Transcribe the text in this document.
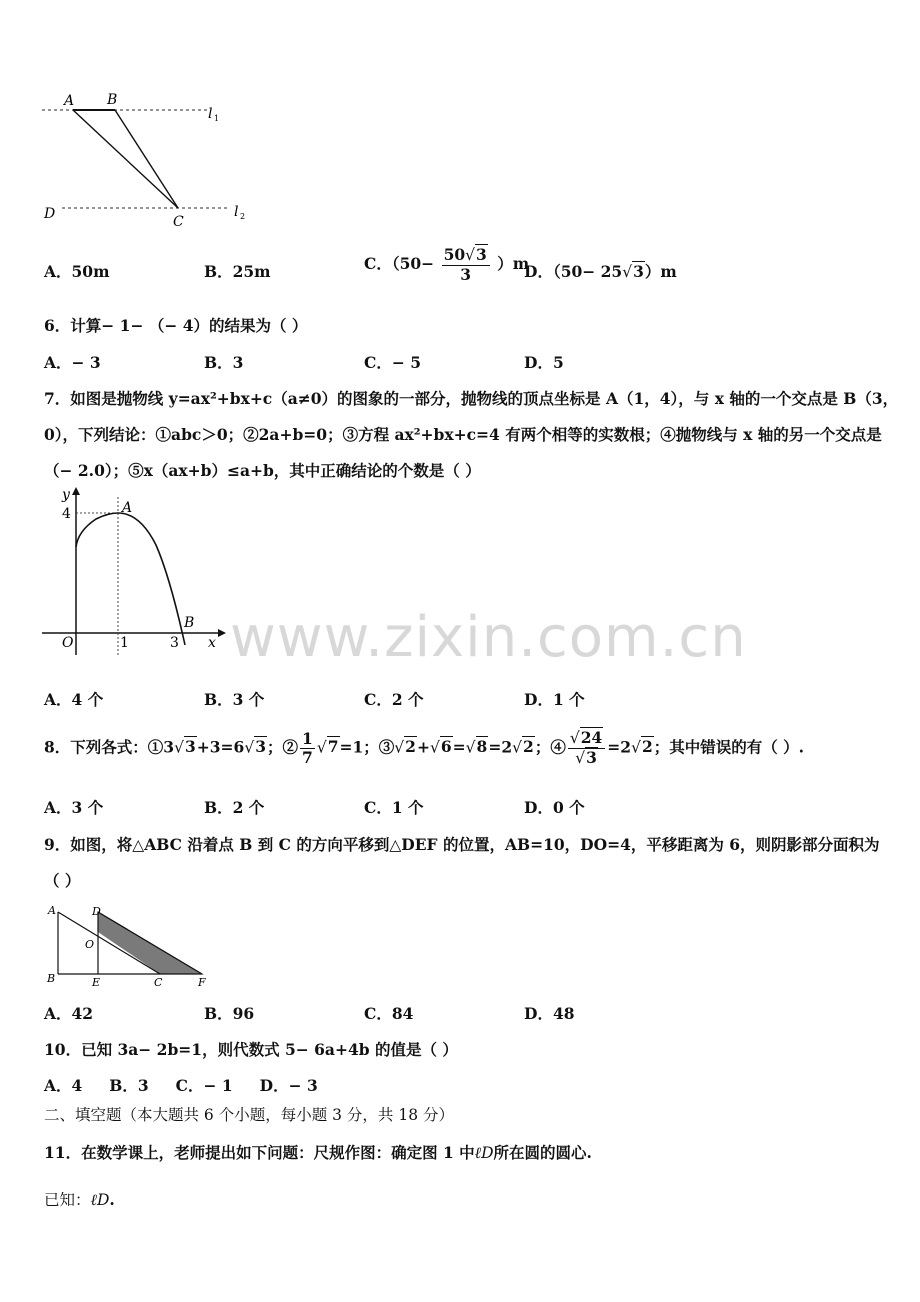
A B
C
D
l 1
l 2
A．50m	B．25m	C．$(50- \frac{50√3}{3} )m$
D．（50− 25√3）m
6．计算− 1− （− 4）的结果为（ ）
A．− 3	B．3	C．− 5	D．5
7．如图是抛物线 y=ax²+bx+c（a≠0）的图象的一部分，抛物线的顶点坐标是 A（1，4），与 x 轴的一个交点是 B（3，
0），下列结论：①abc＞0；②2a+b=0；③方程 ax²+bx+c=4 有两个相等的实数根；④抛物线与 x 轴的另一个交点是
（− 2.0）；⑤x（ax+b）≤a+b，其中正确结论的个数是（ ）
y
4	A
B
O	1	3 x www.zixin.com.cn
A．4 个	B．3 个	C．2 个	D．1 个
8．下列各式：①3√3+3=6√3；② $\frac{1}{7} √7=1$；③√2+√6=√8=2√2；④ $\frac{√24}{√3} =2√2$；其中错误的有（ ）.
A．3 个	B．2 个	C．1 个	D．0 个
9．如图，将△ABC 沿着点 B 到 C 的方向平移到△DEF 的位置，AB=10，DO=4，平移距离为 6，则阴影部分面积为
（ ）
A
B
D
O
E	C	F
A．42	B．96	C．84	D．48
10．已知 3a− 2b=1，则代数式 5− 6a+4b 的值是（ ）
A．4     B．3     C．− 1     D．− 3
二、填空题（本大题共 6 个小题，每小题 3 分，共 18 分）
11．在数学课上，老师提出如下问题：尺规作图：确定图 1 中ℓD所在圆的圆心.
已知：ℓD.
